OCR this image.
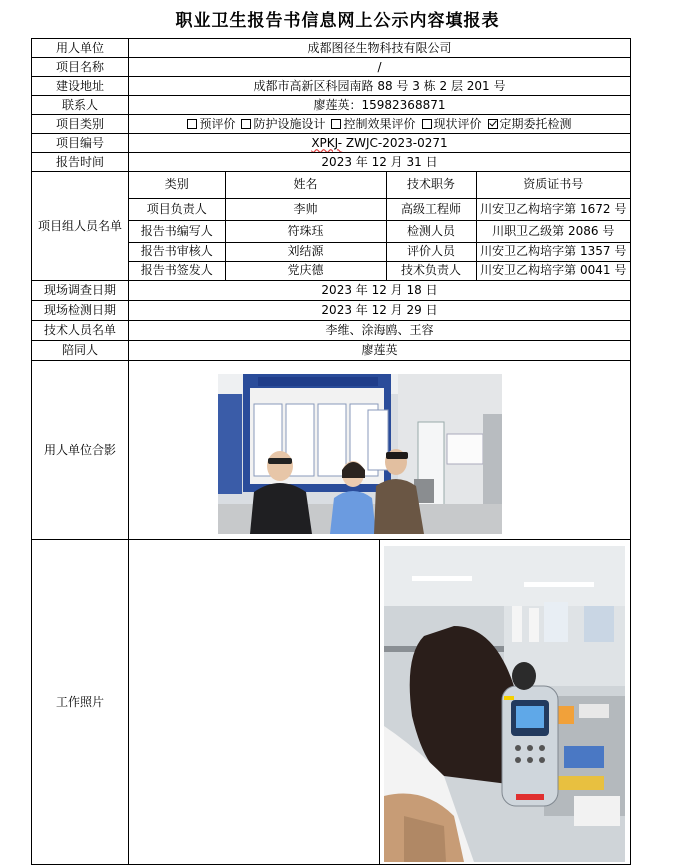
职业卫生报告书信息网上公示内容填报表
用人单位	成都图径生物科技有限公司
项目名称	/
建设地址	成都市高新区科园南路 88 号 3 栋 2 层 201 号
联系人	廖莲英：15982368871
项目类别	预评价 防护设施设计 控制效果评价 现状评价 定期委托检测
项目编号	XPKJ- ZWJC-2023-0271
报告时间	2023 年 12 月 31 日
项目组人员名单	
类别	姓名	技术职务	资质证书号
项目负责人	李帅	高级工程师	川安卫乙构培字第 1672 号
报告书编写人	符珠珏	检测人员	川职卫乙级第 2086 号
报告书审核人	刘结源	评价人员	川安卫乙构培字第 1357 号
报告书签发人	党庆德	技术负责人	川安卫乙构培字第 0041 号

现场调查日期	2023 年 12 月 18 日
现场检测日期	2023 年 12 月 29 日
技术人员名单	李维、涂海鸥、王容
陪同人	廖莲英
用人单位合影	

工作照片	
